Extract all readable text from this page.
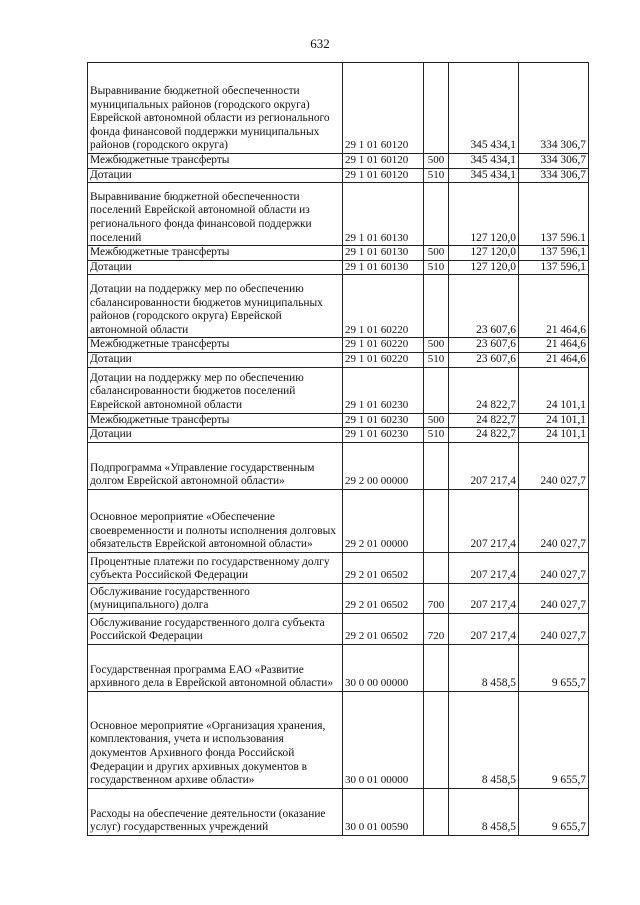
632
Выравнивание бюджетной обеспеченности муниципальных районов (городского округа) Еврейской автономной области из регионального фонда финансовой поддержки муниципальных районов (городского округа)	29 1 01 60120		345 434,1	334 306,7
Межбюджетные трансферты	29 1 01 60120	500	345 434,1	334 306,7
Дотации	29 1 01 60120	510	345 434,1	334 306,7
Выравнивание бюджетной обеспеченности поселений Еврейской автономной области из регионального фонда финансовой поддержки поселений	29 1 01 60130		127 120,0	137 596.1
Межбюджетные трансферты	29 1 01 60130	500	127 120,0	137 596,1
Дотации	29 1 01 60130	510	127 120,0	137 596,1
Дотации на поддержку мер по обеспечению сбалансированности бюджетов муниципальных районов (городского округа) Еврейской автономной области	29 1 01 60220		23 607,6	21 464,6
Межбюджетные трансферты	29 1 01 60220	500	23 607,6	21 464,6
Дотации	29 1 01 60220	510	23 607,6	21 464,6
Дотации на поддержку мер по обеспечению сбалансированности бюджетов поселений Еврейской автономной области	29 1 01 60230		24 822,7	24 101,1
Межбюджетные трансферты	29 1 01 60230	500	24 822,7	24 101,1
Дотации	29 1 01 60230	510	24 822,7	24 101,1
Подпрограмма «Управление государственным долгом Еврейской автономной области»	29 2 00 00000		207 217,4	240 027,7
Основное мероприятие «Обеспечение своевременности и полноты исполнения долговых обязательств Еврейской автономной области»	29 2 01 00000		207 217,4	240 027,7
Процентные платежи по государственному долгу субъекта Российской Федерации	29 2 01 06502		207 217,4	240 027,7
Обслуживание государственного (муниципального) долга	29 2 01 06502	700	207 217,4	240 027,7
Обслуживание государственного долга субъекта Российской Федерации	29 2 01 06502	720	207 217,4	240 027,7
Государственная программа ЕАО «Развитие архивного дела в Еврейской автономной области»	30 0 00 00000		8 458,5	9 655,7
Основное мероприятие «Организация хранения, комплектования, учета и использования документов Архивного фонда Российской Федерации и других архивных документов в государственном архиве области»	30 0 01 00000		8 458,5	9 655,7
Расходы на обеспечение деятельности (оказание услуг) государственных учреждений	30 0 01 00590		8 458,5	9 655,7
